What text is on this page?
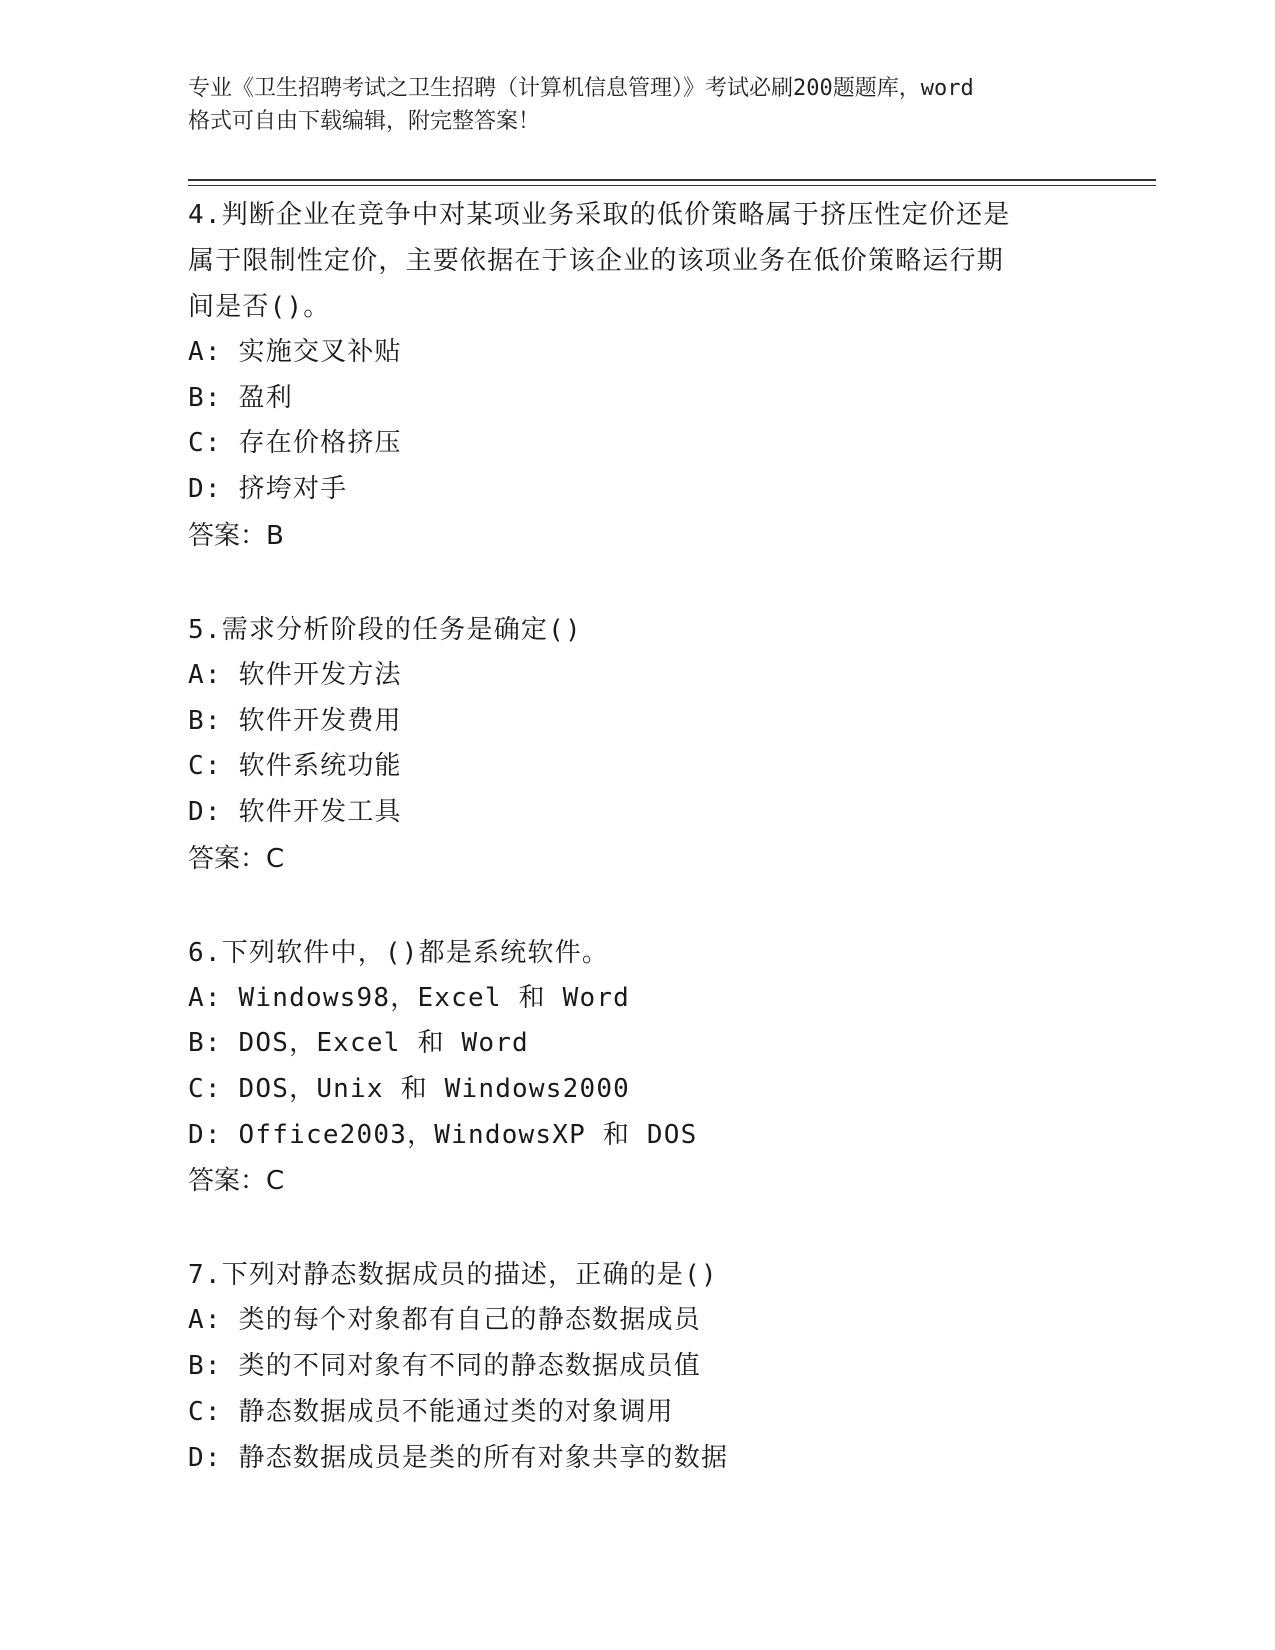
专业《卫生招聘考试之卫生招聘（计算机信息管理）》考试必刷200题题库，word
格式可自由下载编辑，附完整答案！
4.判断企业在竞争中对某项业务采取的低价策略属于挤压性定价还是
属于限制性定价，主要依据在于该企业的该项业务在低价策略运行期
间是否()。
A: 实施交叉补贴
B: 盈利
C: 存在价格挤压
D: 挤垮对手
答案：B
5.需求分析阶段的任务是确定()
A: 软件开发方法
B: 软件开发费用
C: 软件系统功能
D: 软件开发工具
答案：C
6.下列软件中，()都是系统软件。
A: Windows98，Excel 和 Word
B: DOS，Excel 和 Word
C: DOS，Unix 和 Windows2000
D: Office2003，WindowsXP 和 DOS
答案：C
7.下列对静态数据成员的描述，正确的是()
A: 类的每个对象都有自己的静态数据成员
B: 类的不同对象有不同的静态数据成员值
C: 静态数据成员不能通过类的对象调用
D: 静态数据成员是类的所有对象共享的数据
